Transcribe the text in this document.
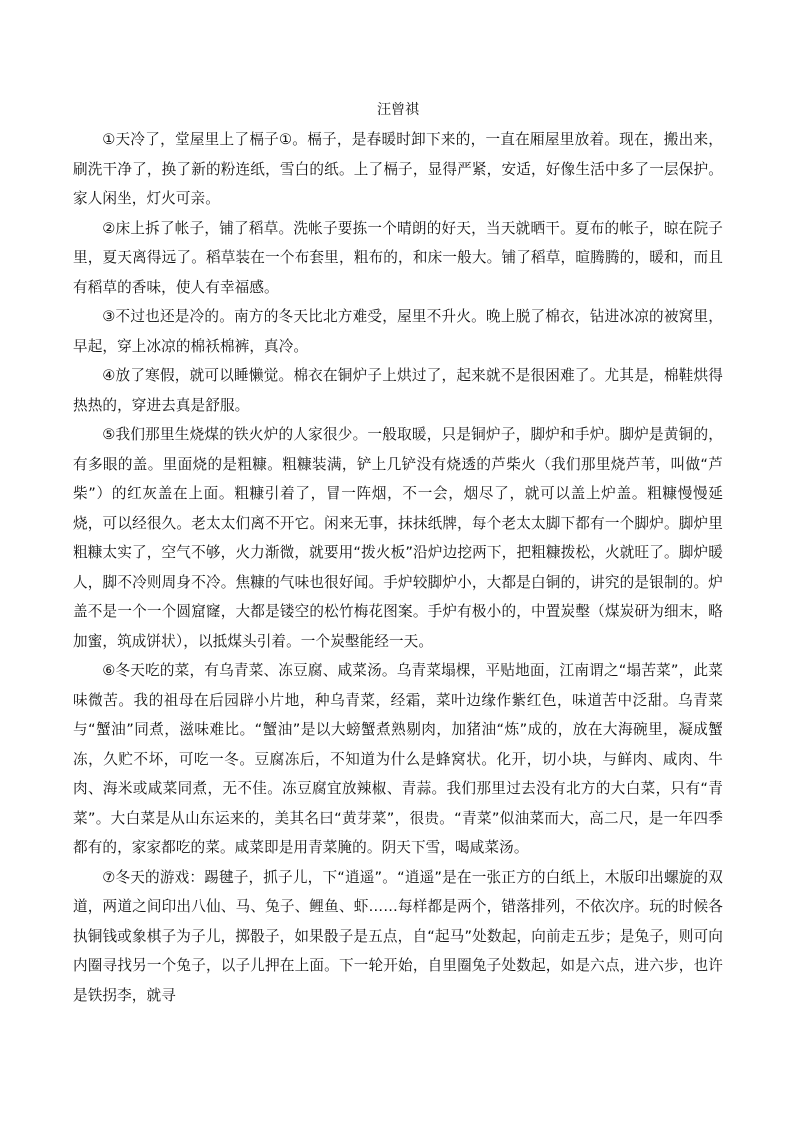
汪曾祺

①天冷了，堂屋里上了槅子①。槅子，是春暖时卸下来的，一直在厢屋里放着。现在，搬出来，刷洗干净了，换了新的粉连纸，雪白的纸。上了槅子，显得严紧，安适，好像生活中多了一层保护。家人闲坐，灯火可亲。

②床上拆了帐子，铺了稻草。洗帐子要拣一个晴朗的好天，当天就晒干。夏布的帐子，晾在院子里，夏天离得远了。稻草装在一个布套里，粗布的，和床一般大。铺了稻草，暄腾腾的，暖和，而且有稻草的香味，使人有幸福感。

③不过也还是冷的。南方的冬天比北方难受，屋里不升火。晚上脱了棉衣，钻进冰凉的被窝里，早起，穿上冰凉的棉袄棉裤，真冷。

④放了寒假，就可以睡懒觉。棉衣在铜炉子上烘过了，起来就不是很困难了。尤其是，棉鞋烘得热热的，穿进去真是舒服。

⑤我们那里生烧煤的铁火炉的人家很少。一般取暖，只是铜炉子，脚炉和手炉。脚炉是黄铜的，有多眼的盖。里面烧的是粗糠。粗糠装满，铲上几铲没有烧透的芦柴火（我们那里烧芦苇，叫做“芦柴”）的红灰盖在上面。粗糠引着了，冒一阵烟，不一会，烟尽了，就可以盖上炉盖。粗糠慢慢延烧，可以经很久。老太太们离不开它。闲来无事，抹抹纸牌，每个老太太脚下都有一个脚炉。脚炉里粗糠太实了，空气不够，火力渐微，就要用“拨火板”沿炉边挖两下，把粗糠拨松，火就旺了。脚炉暖人，脚不冷则周身不冷。焦糠的气味也很好闻。手炉较脚炉小，大都是白铜的，讲究的是银制的。炉盖不是一个一个圆窟窿，大都是镂空的松竹梅花图案。手炉有极小的，中置炭墼（煤炭研为细末，略加蜜，筑成饼状），以抵煤头引着。一个炭墼能经一天。

⑥冬天吃的菜，有乌青菜、冻豆腐、咸菜汤。乌青菜塌棵，平贴地面，江南谓之“塌苦菜”，此菜味微苦。我的祖母在后园辟小片地，种乌青菜，经霜，菜叶边缘作紫红色，味道苦中泛甜。乌青菜与“蟹油”同煮，滋味难比。“蟹油”是以大螃蟹煮熟剔肉，加猪油“炼”成的，放在大海碗里，凝成蟹冻，久贮不坏，可吃一冬。豆腐冻后，不知道为什么是蜂窝状。化开，切小块，与鲜肉、咸肉、牛肉、海米或咸菜同煮，无不佳。冻豆腐宜放辣椒、青蒜。我们那里过去没有北方的大白菜，只有“青菜”。大白菜是从山东运来的，美其名曰“黄芽菜”，很贵。“青菜”似油菜而大，高二尺，是一年四季都有的，家家都吃的菜。咸菜即是用青菜腌的。阴天下雪，喝咸菜汤。

⑦冬天的游戏：踢毽子，抓子儿，下“逍遥”。“逍遥”是在一张正方的白纸上，木版印出螺旋的双道，两道之间印出八仙、马、兔子、鲤鱼、虾……每样都是两个，错落排列，不依次序。玩的时候各执铜钱或象棋子为子儿，掷骰子，如果骰子是五点，自“起马”处数起，向前走五步；是兔子，则可向内圈寻找另一个兔子，以子儿押在上面。下一轮开始，自里圈兔子处数起，如是六点，进六步，也许是铁拐李，就寻
